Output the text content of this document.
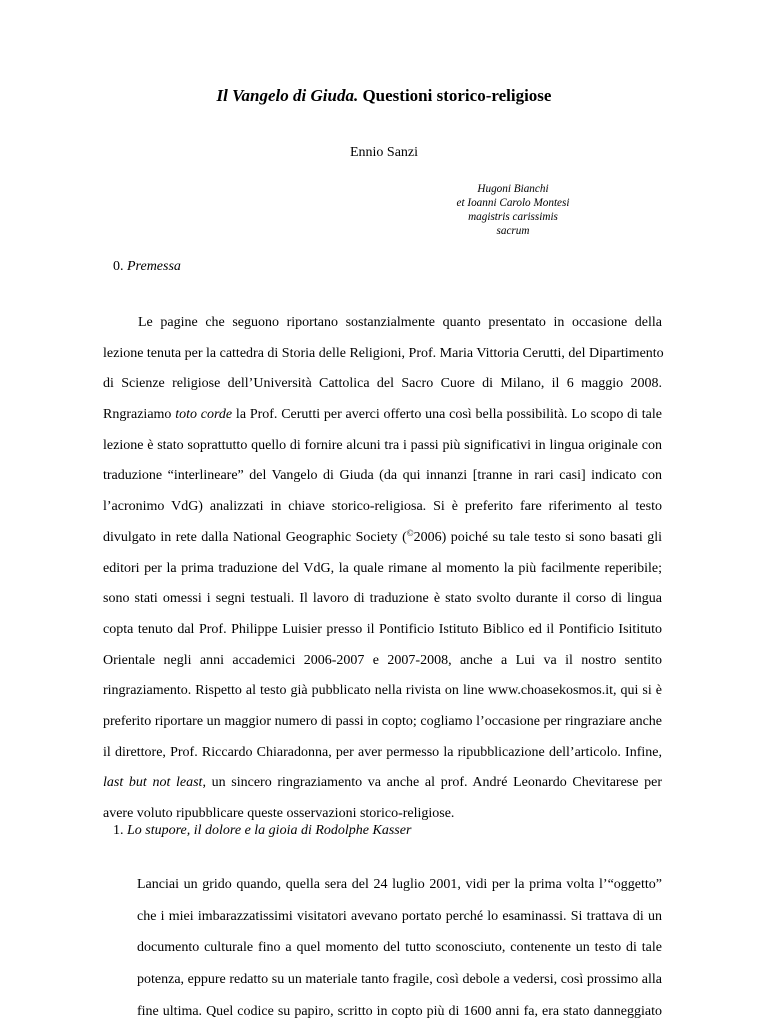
Il Vangelo di Giuda. Questioni storico-religiose
Ennio Sanzi
Hugoni Bianchi
et Ioanni Carolo Montesi
magistris carissimis
sacrum
0. Premessa
Le pagine che seguono riportano sostanzialmente quanto presentato in occasione della
lezione tenuta per la cattedra di Storia delle Religioni, Prof. Maria Vittoria Cerutti, del Dipartimento
di Scienze religiose dell’Università Cattolica del Sacro Cuore di Milano, il 6 maggio 2008.
Rngraziamo toto corde la Prof. Cerutti per averci offerto una così bella possibilità. Lo scopo di tale
lezione è stato soprattutto quello di fornire alcuni tra i passi più significativi in lingua originale con
traduzione “interlineare” del Vangelo di Giuda (da qui innanzi [tranne in rari casi] indicato con
l’acronimo VdG) analizzati in chiave storico-religiosa. Si è preferito fare riferimento al testo
divulgato in rete dalla National Geographic Society (©2006) poiché su tale testo si sono basati gli
editori per la prima traduzione del VdG, la quale rimane al momento la più facilmente reperibile;
sono stati omessi i segni testuali. Il lavoro di traduzione è stato svolto durante il corso di lingua
copta tenuto dal Prof. Philippe Luisier presso il Pontificio Istituto Biblico ed il Pontificio Isitituto
Orientale negli anni accademici 2006-2007 e 2007-2008, anche a Lui va il nostro sentito
ringraziamento. Rispetto al testo già pubblicato nella rivista on line www.choasekosmos.it, qui si è
preferito riportare un maggior numero di passi in copto; cogliamo l’occasione per ringraziare anche
il direttore, Prof. Riccardo Chiaradonna, per aver permesso la ripubblicazione dell’articolo. Infine,
last but not least, un sincero ringraziamento va anche al prof. André Leonardo Chevitarese per
avere voluto ripubblicare queste osservazioni storico-religiose.
1. Lo stupore, il dolore e la gioia di Rodolphe Kasser
Lanciai un grido quando, quella sera del 24 luglio 2001, vidi per la prima volta l’“oggetto”
che i miei imbarazzatissimi visitatori avevano portato perché lo esaminassi. Si trattava di un
documento culturale fino a quel momento del tutto sconosciuto, contenente un testo di tale
potenza, eppure redatto su un materiale tanto fragile, così debole a vedersi, così prossimo alla
fine ultima. Quel codice su papiro, scritto in copto più di 1600 anni fa, era stato danneggiato
